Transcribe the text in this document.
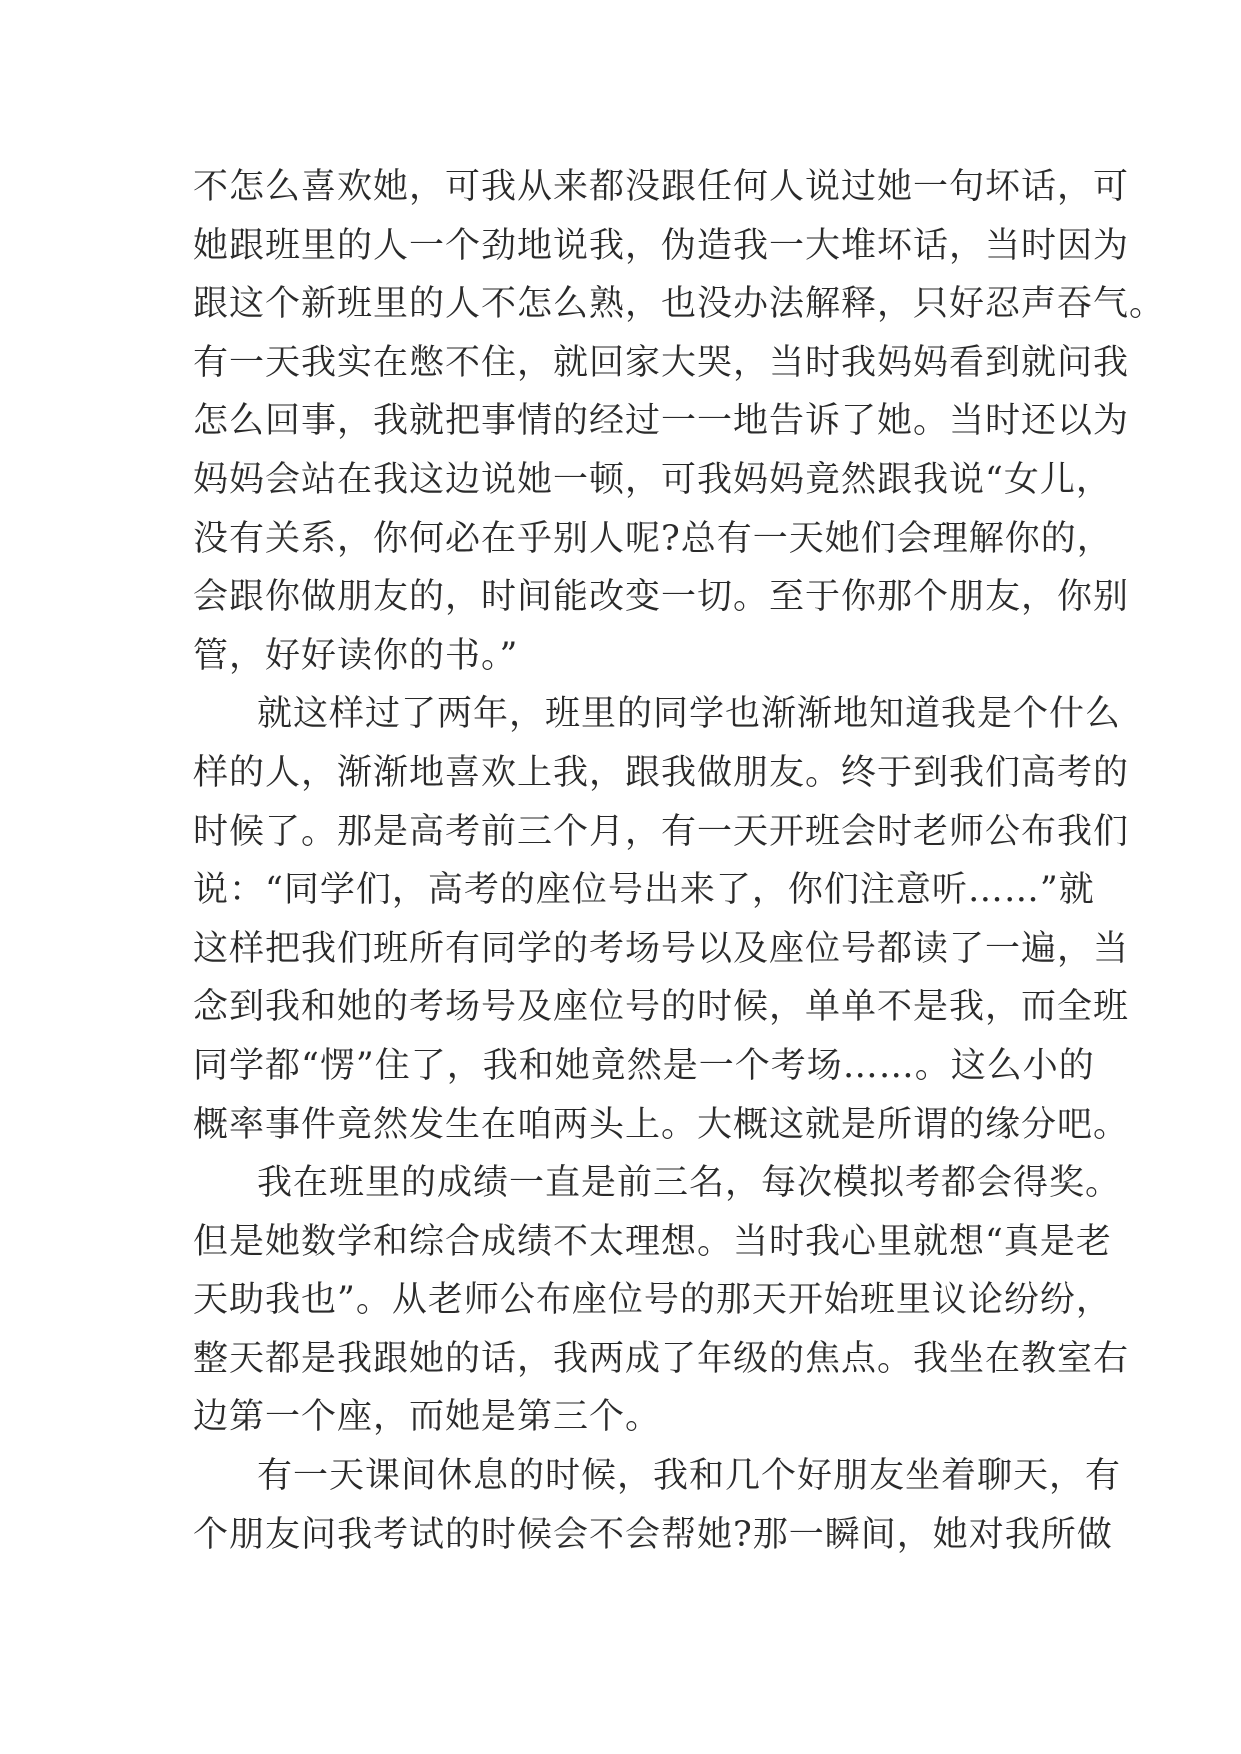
不怎么喜欢她，可我从来都没跟任何人说过她一句坏话，可
她跟班里的人一个劲地说我，伪造我一大堆坏话，当时因为
跟这个新班里的人不怎么熟，也没办法解释，只好忍声吞气。
有一天我实在憋不住，就回家大哭，当时我妈妈看到就问我
怎么回事，我就把事情的经过一一地告诉了她。当时还以为
妈妈会站在我这边说她一顿，可我妈妈竟然跟我说“女儿，
没有关系，你何必在乎别人呢?总有一天她们会理解你的，
会跟你做朋友的，时间能改变一切。至于你那个朋友，你别
管，好好读你的书。”
就这样过了两年，班里的同学也渐渐地知道我是个什么
样的人，渐渐地喜欢上我，跟我做朋友。终于到我们高考的
时候了。那是高考前三个月，有一天开班会时老师公布我们
说：“同学们，高考的座位号出来了，你们注意听……”就
这样把我们班所有同学的考场号以及座位号都读了一遍，当
念到我和她的考场号及座位号的时候，单单不是我，而全班
同学都“愣”住了，我和她竟然是一个考场……。这么小的
概率事件竟然发生在咱两头上。大概这就是所谓的缘分吧。
我在班里的成绩一直是前三名，每次模拟考都会得奖。
但是她数学和综合成绩不太理想。当时我心里就想“真是老
天助我也”。从老师公布座位号的那天开始班里议论纷纷，
整天都是我跟她的话，我两成了年级的焦点。我坐在教室右
边第一个座，而她是第三个。
有一天课间休息的时候，我和几个好朋友坐着聊天，有
个朋友问我考试的时候会不会帮她?那一瞬间，她对我所做
